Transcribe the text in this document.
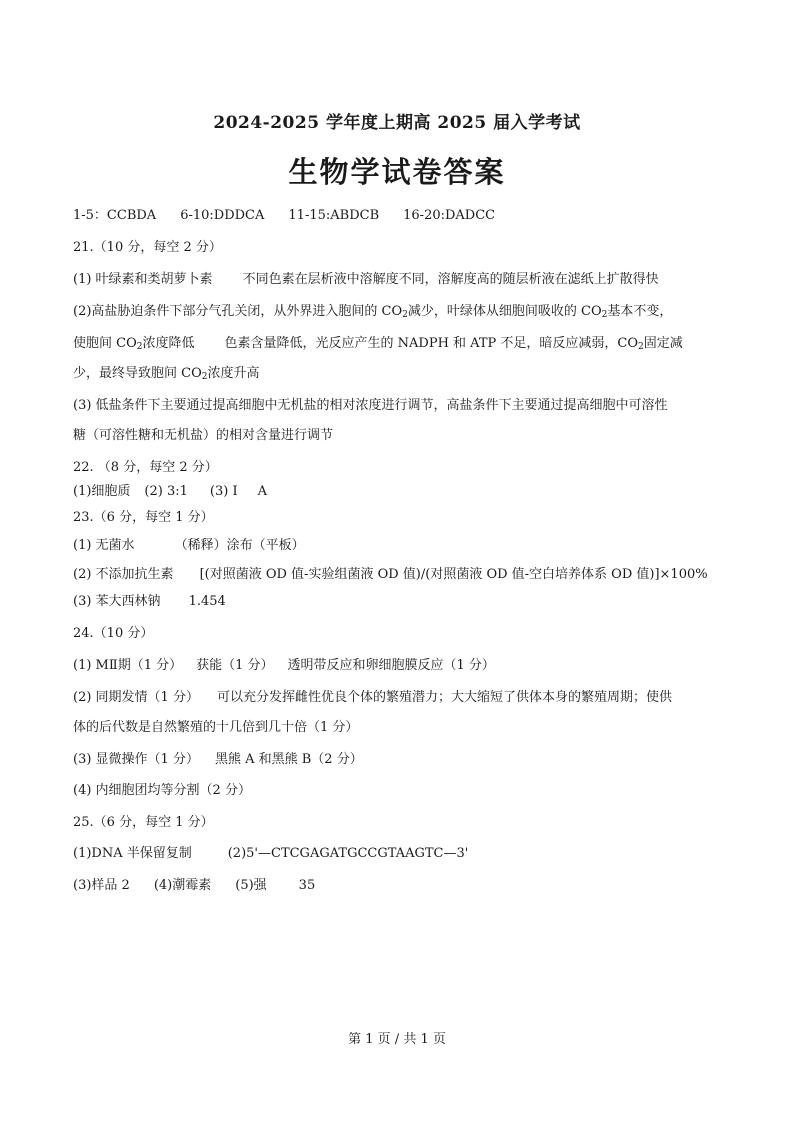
2024-2025 学年度上期高 2025 届入学考试
生物学试卷答案
1-5：CCBDA 6-10:DDDCA 11-15:ABDCB 16-20:DADCC
21.（10 分，每空 2 分）
(1) 叶绿素和类胡萝卜素 不同色素在层析液中溶解度不同，溶解度高的随层析液在滤纸上扩散得快
(2)高盐胁迫条件下部分气孔关闭，从外界进入胞间的 $CO_2$减少，叶绿体从细胞间吸收的 $CO_2$基本不变，
使胞间 $CO_2$浓度降低 色素含量降低，光反应产生的 NADPH 和 ATP 不足，暗反应减弱，$CO_2$固定减
少，最终导致胞间 $CO_2$浓度升高
(3) 低盐条件下主要通过提高细胞中无机盐的相对浓度进行调节，高盐条件下主要通过提高细胞中可溶性
糖（可溶性糖和无机盐）的相对含量进行调节
22. （8 分，每空 2 分）
(1)细胞质 (2) 3:1 (3) I A
23.（6 分，每空 1 分）
(1) 无菌水	（稀释）涂布（平板）
(2) 不添加抗生素 [(对照菌液 OD 值-实验组菌液 OD 值)/(对照菌液 OD 值-空白培养体系 OD 值)]×100%
(3) 苯大西林钠 1.454
24.（10 分）
(1) MⅡ期（1 分） 获能（1 分） 透明带反应和卵细胞膜反应（1 分）
(2) 同期发情（1 分） 可以充分发挥雌性优良个体的繁殖潜力；大大缩短了供体本身的繁殖周期；使供
体的后代数是自然繁殖的十几倍到几十倍（1 分）
(3) 显微操作（1 分） 黑熊 A 和黑熊 B（2 分）
(4) 内细胞团均等分割（2 分）
25.（6 分，每空 1 分）
(1)DNA 半保留复制	(2)5'—CTCGAGATGCCGTAAGTC—3'
(3)样品 2 (4)潮霉素 (5)强 35
第 1 页 / 共 1 页
